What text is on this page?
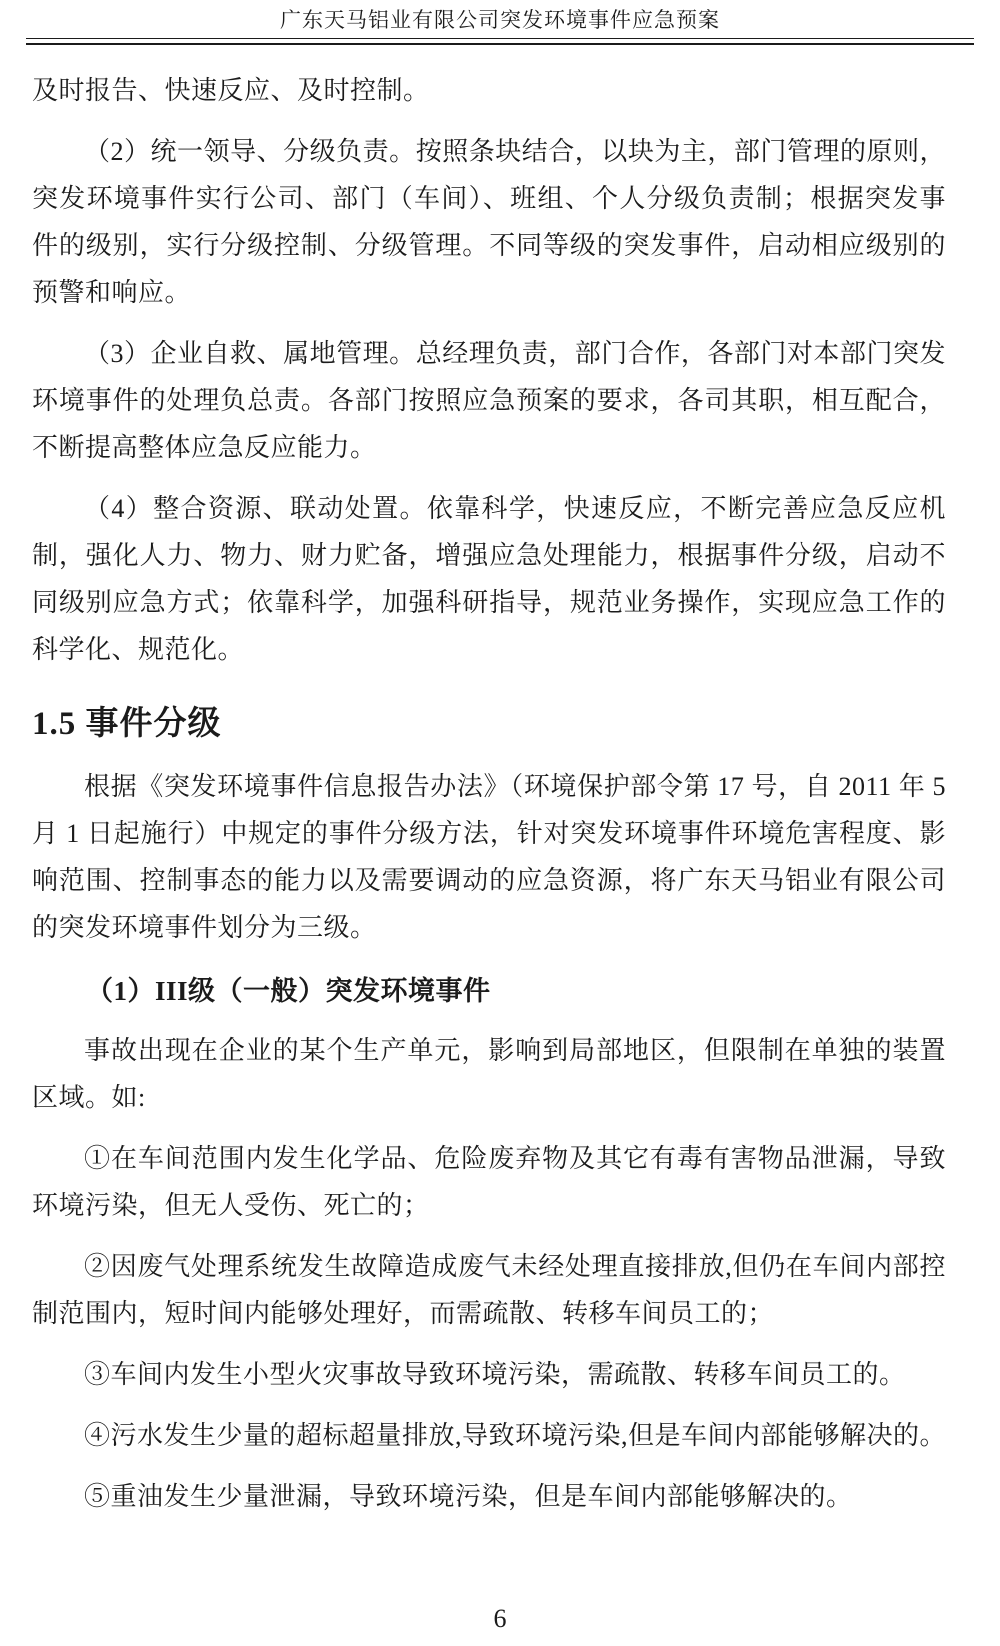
广东天马铝业有限公司突发环境事件应急预案

及时报告、快速反应、及时控制。

（2）统一领导、分级负责。按照条块结合，以块为主，部门管理的原则，突发环境事件实行公司、部门（车间）、班组、个人分级负责制；根据突发事件的级别，实行分级控制、分级管理。不同等级的突发事件，启动相应级别的预警和响应。

（3）企业自救、属地管理。总经理负责，部门合作，各部门对本部门突发环境事件的处理负总责。各部门按照应急预案的要求，各司其职，相互配合，不断提高整体应急反应能力。

（4）整合资源、联动处置。依靠科学，快速反应，不断完善应急反应机制，强化人力、物力、财力贮备，增强应急处理能力，根据事件分级，启动不同级别应急方式；依靠科学，加强科研指导，规范业务操作，实现应急工作的科学化、规范化。

1.5 事件分级

根据《突发环境事件信息报告办法》（环境保护部令第 17 号，自 2011 年 5 月 1 日起施行）中规定的事件分级方法，针对突发环境事件环境危害程度、影响范围、控制事态的能力以及需要调动的应急资源，将广东天马铝业有限公司的突发环境事件划分为三级。

（1）III级（一般）突发环境事件

事故出现在企业的某个生产单元，影响到局部地区，但限制在单独的装置区域。如:

①在车间范围内发生化学品、危险废弃物及其它有毒有害物品泄漏，导致环境污染，但无人受伤、死亡的；

②因废气处理系统发生故障造成废气未经处理直接排放,但仍在车间内部控制范围内，短时间内能够处理好，而需疏散、转移车间员工的；

③车间内发生小型火灾事故导致环境污染，需疏散、转移车间员工的。

④污水发生少量的超标超量排放,导致环境污染,但是车间内部能够解决的。

⑤重油发生少量泄漏，导致环境污染，但是车间内部能够解决的。

6
